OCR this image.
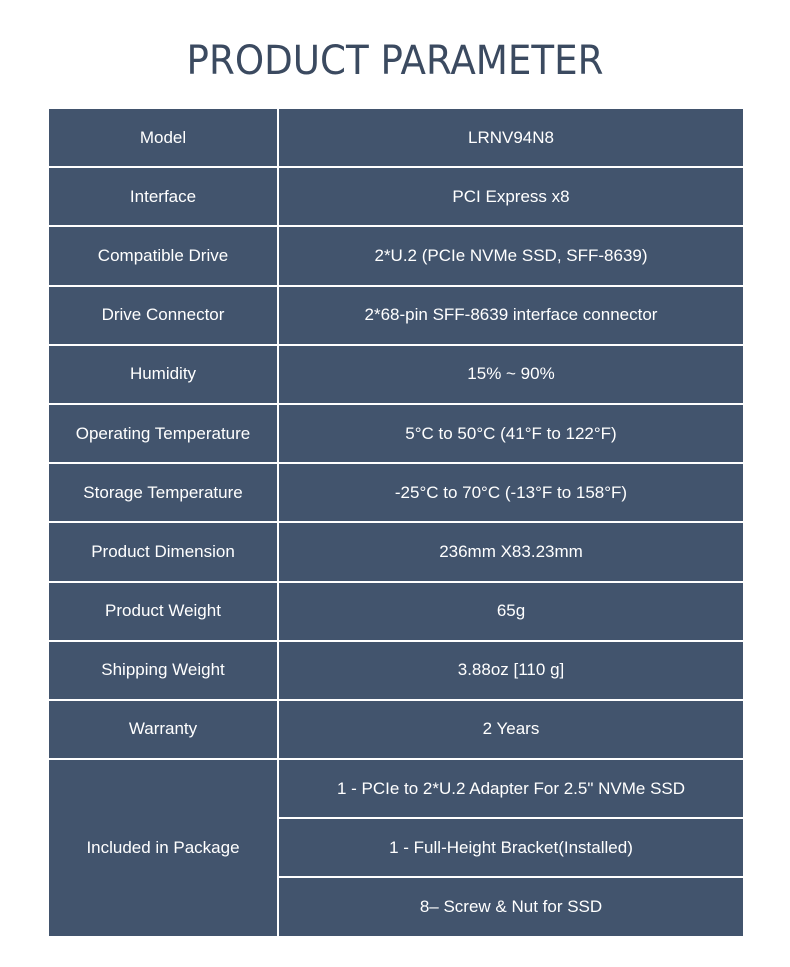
PRODUCT PARAMETER
Model	LRNV94N8
Interface	PCI Express x8
Compatible Drive	2*U.2 (PCIe NVMe SSD, SFF-8639)
Drive Connector	2*68-pin SFF-8639 interface connector
Humidity	15% ~ 90%
Operating Temperature	5°C to 50°C (41°F to 122°F)
Storage Temperature	-25°C to 70°C (-13°F to 158°F)
Product Dimension	236mm X83.23mm
Product Weight	65g
Shipping Weight	3.88oz [110 g]
Warranty	2 Years
Included in Package	1 - PCIe to 2*U.2 Adapter For 2.5" NVMe SSD
	1 - Full-Height Bracket(Installed)
	8– Screw & Nut for SSD
